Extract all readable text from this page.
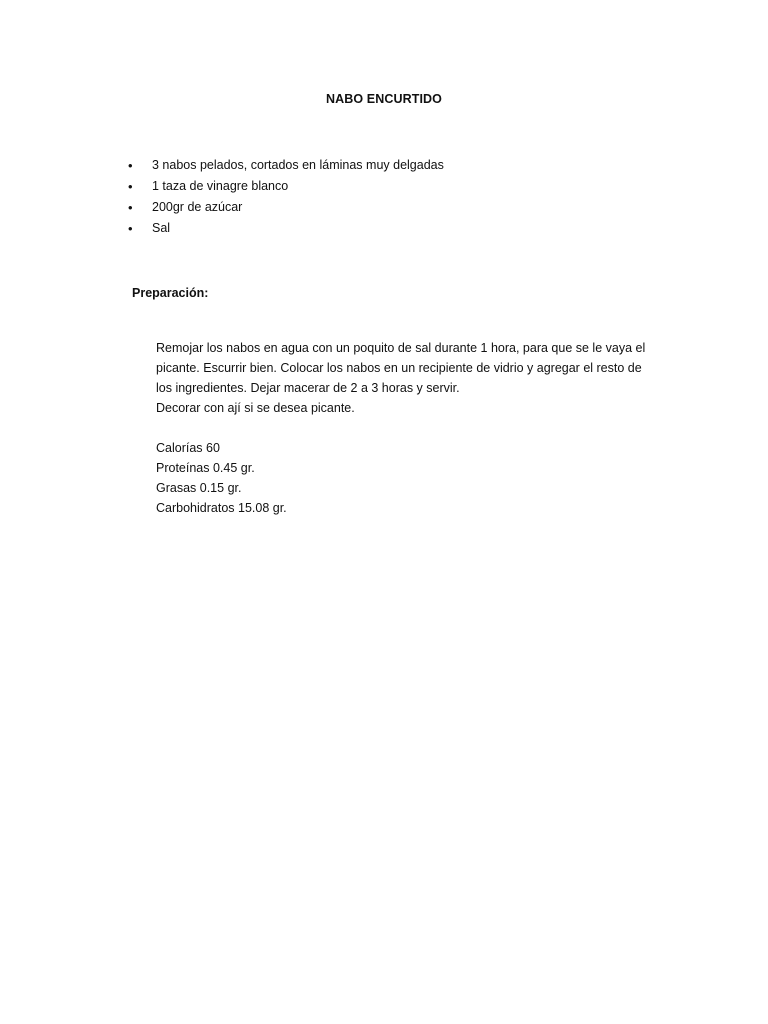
NABO ENCURTIDO
• 3 nabos pelados, cortados en láminas muy delgadas
• 1 taza de vinagre blanco
• 200gr de azúcar
• Sal
Preparación:

Remojar los nabos en agua con un poquito de sal durante 1 hora, para que se le vaya el picante. Escurrir bien. Colocar los nabos en un recipiente de vidrio y agregar el resto de los ingredientes. Dejar macerar de 2 a 3 horas y servir.

Decorar con ají si se desea picante.

Calorías 60
Proteínas 0.45 gr.
Grasas 0.15 gr.
Carbohidratos 15.08 gr.
